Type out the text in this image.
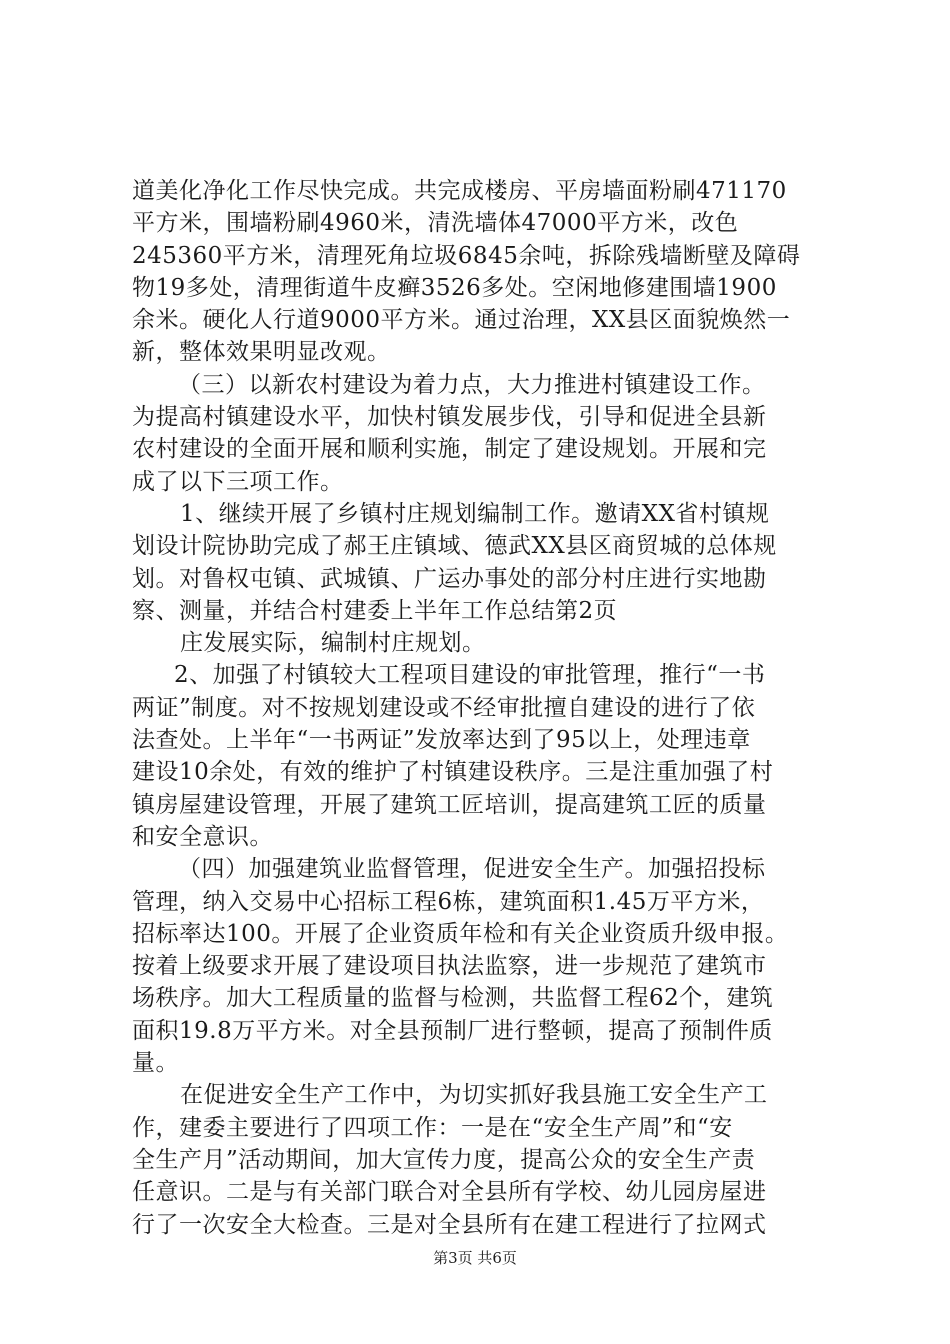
道美化净化工作尽快完成。共完成楼房、平房墙面粉刷471170
平方米，围墙粉刷4960米，清洗墙体47000平方米，改色
245360平方米，清理死角垃圾6845余吨，拆除残墙断壁及障碍
物19多处，清理街道牛皮癣3526多处。空闲地修建围墙1900
余米。硬化人行道9000平方米。通过治理，XX县区面貌焕然一
新，整体效果明显改观。
（三）以新农村建设为着力点，大力推进村镇建设工作。
为提高村镇建设水平，加快村镇发展步伐，引导和促进全县新
农村建设的全面开展和顺利实施，制定了建设规划。开展和完
成了以下三项工作。
1、继续开展了乡镇村庄规划编制工作。邀请XX省村镇规
划设计院协助完成了郝王庄镇域、德武XX县区商贸城的总体规
划。对鲁权屯镇、武城镇、广运办事处的部分村庄进行实地勘
察、测量，并结合村建委上半年工作总结第2页
庄发展实际，编制村庄规划。
2、加强了村镇较大工程项目建设的审批管理，推行“一书
两证”制度。对不按规划建设或不经审批擅自建设的进行了依
法查处。上半年“一书两证”发放率达到了95以上，处理违章
建设10余处，有效的维护了村镇建设秩序。三是注重加强了村
镇房屋建设管理，开展了建筑工匠培训，提高建筑工匠的质量
和安全意识。
（四）加强建筑业监督管理，促进安全生产。加强招投标
管理，纳入交易中心招标工程6栋，建筑面积1.45万平方米，
招标率达100。开展了企业资质年检和有关企业资质升级申报。
按着上级要求开展了建设项目执法监察，进一步规范了建筑市
场秩序。加大工程质量的监督与检测，共监督工程62个，建筑
面积19.8万平方米。对全县预制厂进行整顿，提高了预制件质
量。
在促进安全生产工作中，为切实抓好我县施工安全生产工
作，建委主要进行了四项工作：一是在“安全生产周”和“安
全生产月”活动期间，加大宣传力度，提高公众的安全生产责
任意识。二是与有关部门联合对全县所有学校、幼儿园房屋进
行了一次安全大检查。三是对全县所有在建工程进行了拉网式
第3页 共6页
